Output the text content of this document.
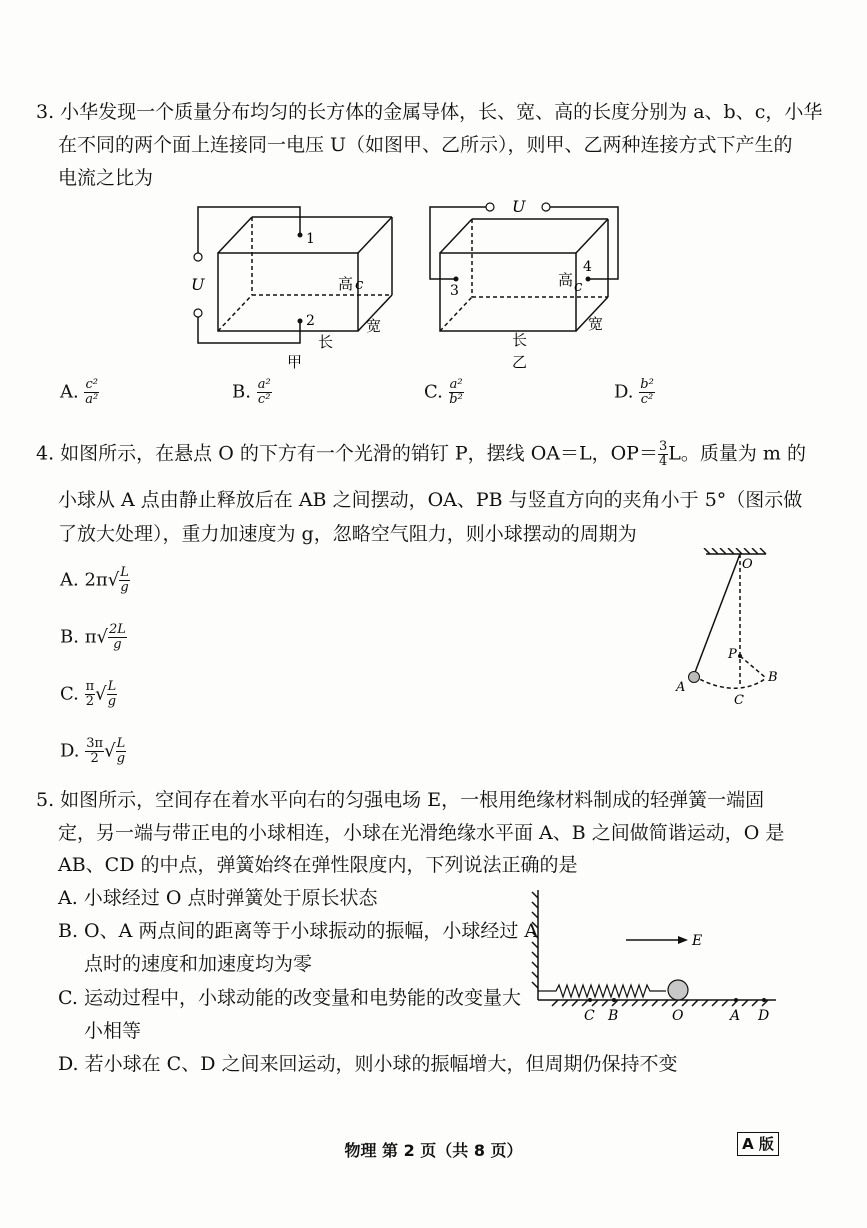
3. 小华发现一个质量分布均匀的长方体的金属导体，长、宽、高的长度分别为 a、b、c，小华
在不同的两个面上连接同一电压 U（如图甲、乙所示），则甲、乙两种连接方式下产生的
电流之比为
U
1
2
高 c
宽
长
甲
U
3
4
高 c
宽
长
乙
A. $\frac{\text{c²}}{\text{a²}}$	B. $\frac{\text{a²}}{\text{c²}}$	C. $\frac{\text{a²}}{\text{b²}}$	D. $\frac{\text{b²}}{\text{c²}}$
4. 如图所示，在悬点 O 的下方有一个光滑的销钉 P，摆线 OA＝L，$OP= \frac{3}{4}$ L。质量为 m 的
小球从 A 点由静止释放后在 AB 之间摆动，OA、PB 与竖直方向的夹角小于 5°（图示做
了放大处理），重力加速度为 g，忽略空气阻力，则小球摆动的周期为
A. $2\pi√ \frac{L}{g}$
B. $\pi√ \frac{2L}{g}$
C. $\frac{\pi}{2}$ √ $\frac{L}{g}$
D. $\frac{3\pi}{2}$ √ $\frac{L}{g}$
O
P
A
B
C
5. 如图所示，空间存在着水平向右的匀强电场 E，一根用绝缘材料制成的轻弹簧一端固
定，另一端与带正电的小球相连，小球在光滑绝缘水平面 A、B 之间做简谐运动，O 是
AB、CD 的中点，弹簧始终在弹性限度内，下列说法正确的是
A. 小球经过 O 点时弹簧处于原长状态
B. O、A 两点间的距离等于小球振动的振幅，小球经过 A
点时的速度和加速度均为零
C. 运动过程中，小球动能的改变量和电势能的改变量大
小相等
D. 若小球在 C、D 之间来回运动，则小球的振幅增大，但周期仍保持不变
E
C B	O	A D
物理 第 2 页（共 8 页）	A 版
